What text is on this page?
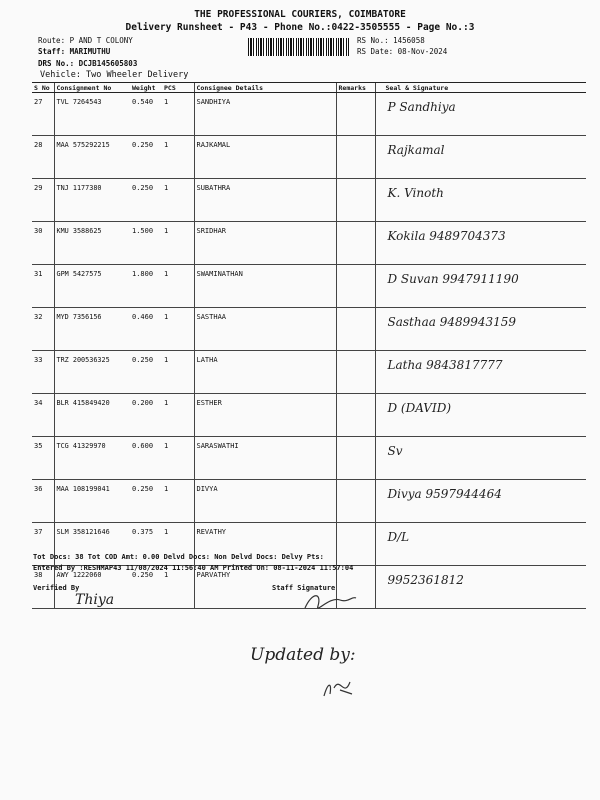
THE PROFESSIONAL COURIERS, COIMBATORE
Delivery Runsheet - P43 - Phone No.:0422-3505555 - Page No.:3
Route: P AND T COLONY
Staff: MARIMUTHU
DRS No.: DCJB145605803
Vehicle: Two Wheeler Delivery
RS No.: 1456058
RS Date: 08-Nov-2024
S No	Consignment No	Weight	PCS	Consignee Details	Remarks	Seal & Signature
27	TVL 7264543	0.540	1	SANDHIYA		P Sandhiya
28	MAA 575292215	0.250	1	RAJKAMAL		Rajkamal
29	TNJ 1177380	0.250	1	SUBATHRA		K. Vinoth
30	KMU 3588625	1.500	1	SRIDHAR		Kokila 9489704373
31	GPM 5427575	1.800	1	SWAMINATHAN		D Suvan 9947911190
32	MYD 7356156	0.460	1	SASTHAA		Sasthaa 9489943159
33	TRZ 200536325	0.250	1	LATHA		Latha 9843817777
34	BLR 415849420	0.200	1	ESTHER		D (DAVID)
35	TCG 41329970	0.600	1	SARASWATHI		Sv
36	MAA 108199041	0.250	1	DIVYA		Divya 9597944464
37	SLM 358121646	0.375	1	REVATHY		D/L
38	AWY 1222060	0.250	1	PARVATHY		9952361812
Tot Docs: 38 Tot COD Amt: 0.00 Delvd Docs: Non Delvd Docs: Delvy Pts:
Entered By :RESHMAP43 11/08/2024 11:56:40 AM Printed On: 08-11-2024 11:57:04
Verified By
Thiya
Staff Signature
Updated by:
